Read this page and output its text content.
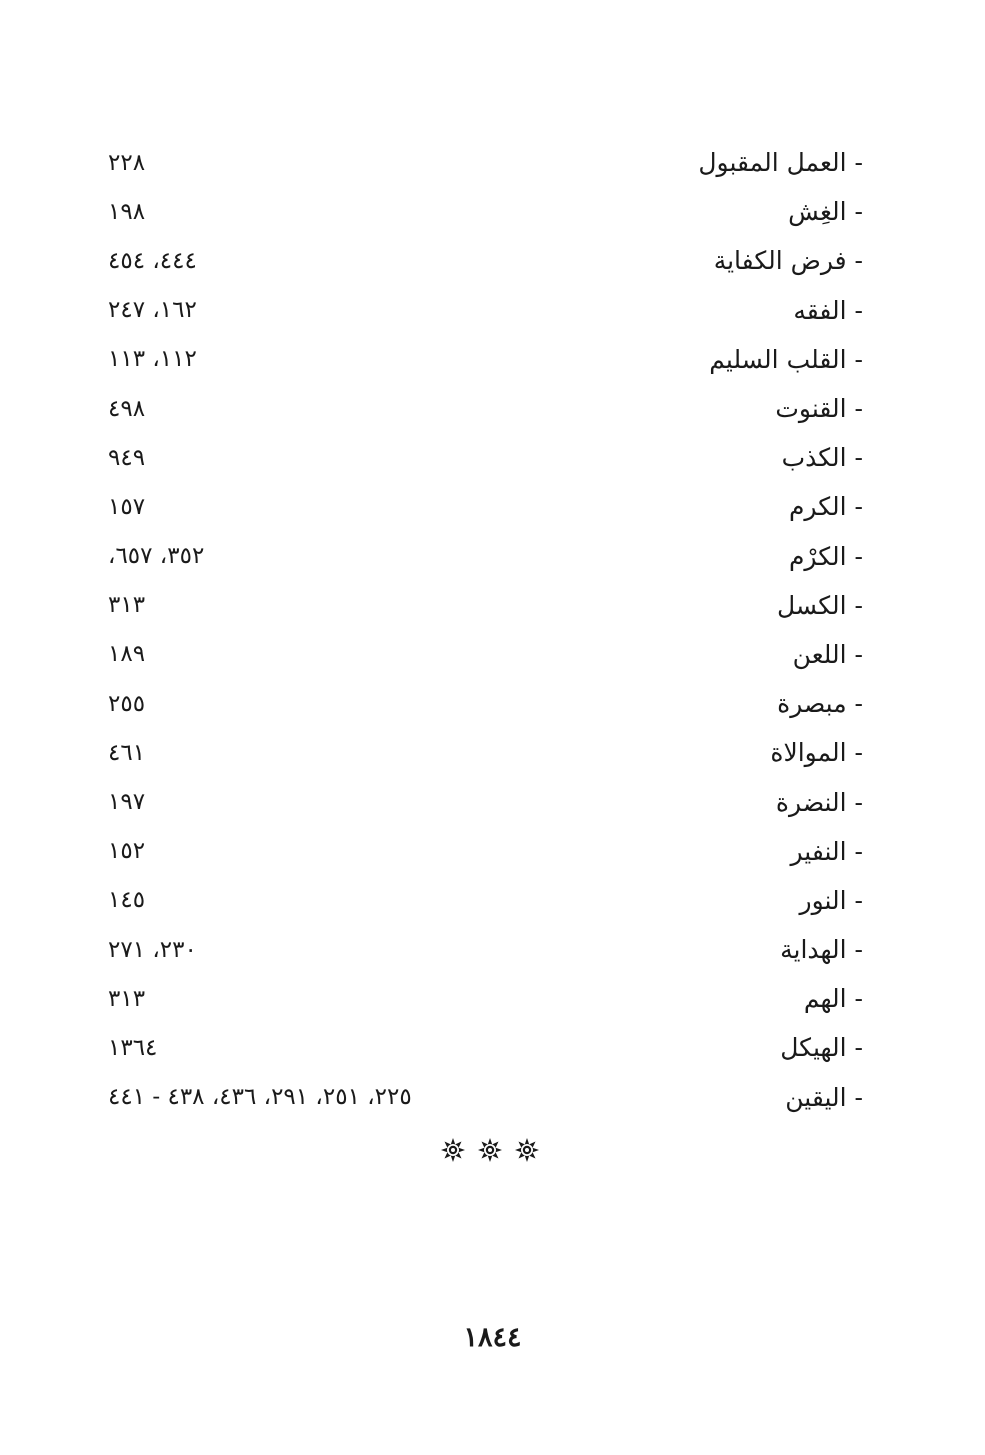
٢٢٨	- العمل المقبول
١٩٨	- الغِش
٤٤٤، ٤٥٤	- فرض الكفاية
١٦٢، ٢٤٧	- الفقه
١١٢، ١١٣	- القلب السليم
٤٩٨	- القنوت
٩٤٩	- الكذب
١٥٧	- الكرم
٣٥٢، ٦٥٧،	- الكرْم
٣١٣	- الكسل
١٨٩	- اللعن
٢٥٥	- مبصرة
٤٦١	- الموالاة
١٩٧	- النضرة
١٥٢	- النفير
١٤٥	- النور
٢٣٠، ٢٧١	- الهداية
٣١٣	- الهم
١٣٦٤	- الهيكل
٢٢٥، ٢٥١، ٢٩١، ٤٣٦، ٤٣٨ - ٤٤١	- اليقين
١٨٤٤
